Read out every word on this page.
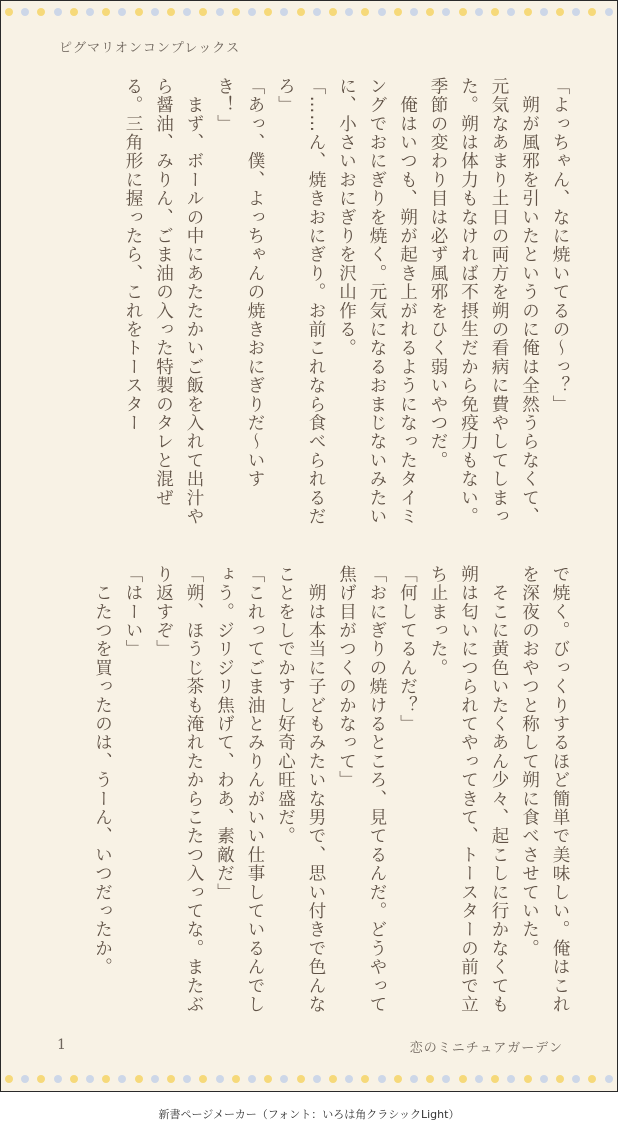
ピグマリオンコンプレックス

「よっちゃん、なに焼いてるの〜っ？」

　朔が風邪を引いたというのに俺は全然うらなくて、元気なあまり土日の両方を朔の看病に費やしてしまった。朔は体力もなければ不摂生だから免疫力もない。季節の変わり目は必ず風邪をひく弱いやつだ。

　俺はいつも、朔が起き上がれるようになったタイミングでおにぎりを焼く。元気になるおまじないみたいに、小さいおにぎりを沢山作る。

「……ん、焼きおにぎり。お前これなら食べられるだろ」

「あっ、僕、よっちゃんの焼きおにぎりだ〜いすき！」

　まず、ボールの中にあたたかいご飯を入れて出汁やら醤油、みりん、ごま油の入った特製のタレと混ぜる。三角形に握ったら、これをトースター

で焼く。びっくりするほど簡単で美味しい。俺はこれを深夜のおやつと称して朔に食べさせていた。

　そこに黄色いたくあん少々、起こしに行かなくても朔は匂いにつられてやってきて、トースターの前で立ち止まった。

「何してるんだ？」

「おにぎりの焼けるところ、見てるんだ。どうやって焦げ目がつくのかなって」

　朔は本当に子どもみたいな男で、思い付きで色んなことをしでかすし好奇心旺盛だ。

「これってごま油とみりんがいい仕事しているんでしょう。ジリジリ焦げて、わあ、素敵だ」

「朔、ほうじ茶も淹れたからこたつ入ってな。またぶり返すぞ」

「はーい」

　こたつを買ったのは、うーん、いつだったか。

1	恋のミニチュアガーデン
新書ページメーカー（フォント：いろは角クラシックLight）
